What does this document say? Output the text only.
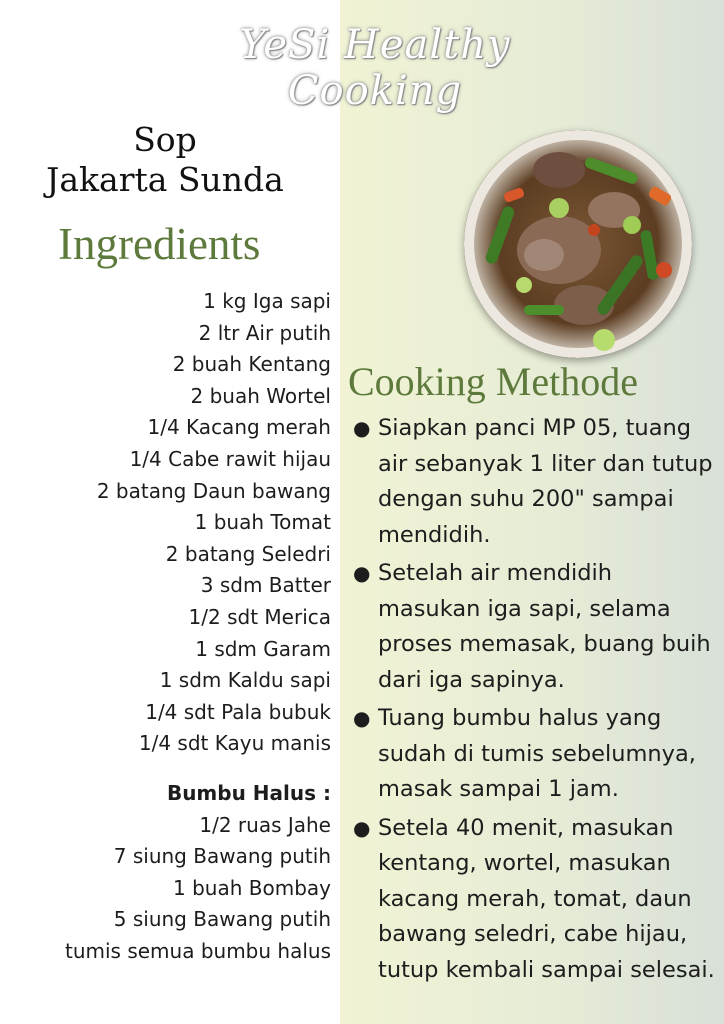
YeSi Healthy Cooking
Sop
Jakarta Sunda
Ingredients
1 kg Iga sapi
2 ltr Air putih
2 buah Kentang
2 buah Wortel
1/4 Kacang merah
1/4 Cabe rawit hijau
2 batang Daun bawang
1 buah Tomat
2 batang Seledri
3 sdm Batter
1/2 sdt Merica
1 sdm Garam
1 sdm Kaldu sapi
1/4 sdt Pala bubuk
1/4 sdt Kayu manis
Bumbu Halus :
1/2 ruas Jahe
7 siung Bawang putih
1 buah Bombay
5 siung Bawang putih
tumis semua bumbu halus
Cooking Methode
● Siapkan panci MP 05, tuang air sebanyak 1 liter dan tutup dengan suhu 200" sampai mendidih.
● Setelah air mendidih masukan iga sapi, selama proses memasak, buang buih dari iga sapinya.
● Tuang bumbu halus yang sudah di tumis sebelumnya, masak sampai 1 jam.
● Setela 40 menit, masukan kentang, wortel, masukan kacang merah, tomat, daun bawang seledri, cabe hijau, tutup kembali sampai selesai.
